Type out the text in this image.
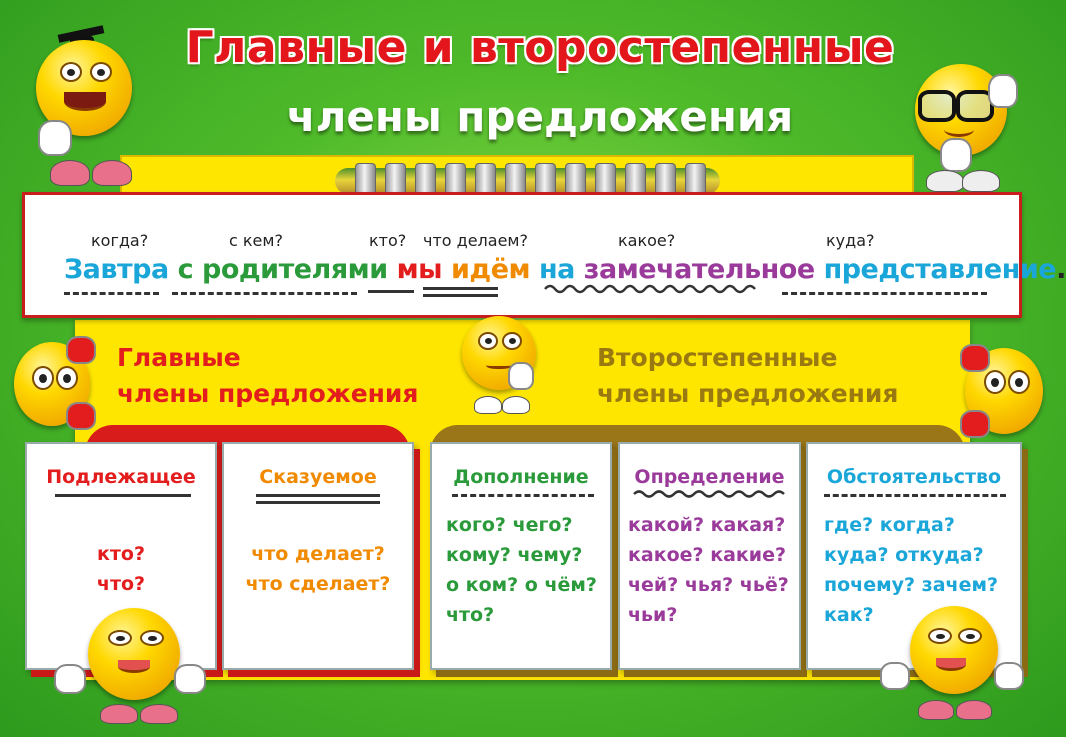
Главные и второстепенные
члены предложения
когда?	с кем?	кто? что делаем?	какое?	куда?
Завтра с родителями мы идём на замечательное представление.
Главные
члены предложения
Второстепенные
члены предложения
Подлежащее
кто?
что?
Сказуемое
что делает?
что сделает?
Дополнение
кого? чего?
кому? чему?
о ком? о чём?
что?
Определение
какой? какая?
какое? какие?
чей? чья? чьё?
чьи?
Обстоятельство
где? когда?
куда? откуда?
почему? зачем?
как?
